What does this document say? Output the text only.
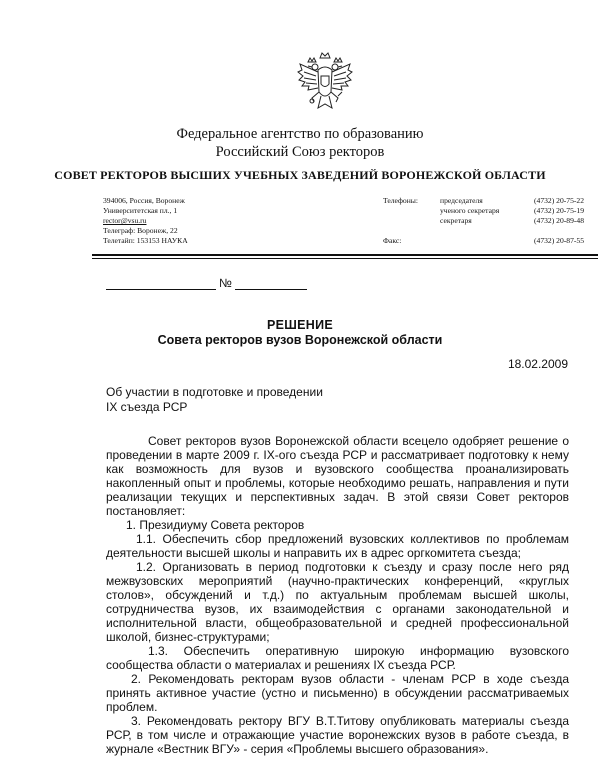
Федеральное агентство по образованию
Российский Союз ректоров
СОВЕТ РЕКТОРОВ ВЫСШИХ УЧЕБНЫХ ЗАВЕДЕНИЙ ВОРОНЕЖСКОЙ ОБЛАСТИ
394006, Россия, Воронеж
Университетская пл., 1
rector@vsu.ru
Телеграф: Воронеж, 22
Телетайп: 153153 НАУКА
Телефоны:	председателя
ученого секретаря
секретаря
(4732) 20-75-22
(4732) 20-75-19
(4732) 20-89-48
Факс:	(4732) 20-87-55
№
РЕШЕНИЕ
Совета ректоров вузов Воронежской области
18.02.2009
Об участии в подготовке и проведении
IX съезда РСР

Совет ректоров вузов Воронежской области всецело одобряет решение о проведении в марте 2009 г. IX-ого съезда РСР и рассматривает подготовку к нему как возможность для вузов и вузовского сообщества проанализировать накопленный опыт и проблемы, которые необходимо решать, направления и пути реализации текущих и перспективных задач. В этой связи Совет ректоров постановляет:

1. Президиуму Совета ректоров

1.1. Обеспечить сбор предложений вузовских коллективов по проблемам деятельности высшей школы и направить их в адрес оргкомитета съезда;

1.2. Организовать в период подготовки к съезду и сразу после него ряд межвузовских мероприятий (научно-практических конференций, «круглых столов», обсуждений и т.д.) по актуальным проблемам высшей школы, сотрудничества вузов, их взаимодействия с органами законодательной и исполнительной власти, общеобразовательной и средней профессиональной школой, бизнес-структурами;

1.3. Обеспечить оперативную широкую информацию вузовского сообщества области о материалах и решениях IX съезда РСР.

2. Рекомендовать ректорам вузов области - членам РСР в ходе съезда принять активное участие (устно и письменно) в обсуждении рассматриваемых проблем.

3. Рекомендовать ректору ВГУ В.Т.Титову опубликовать материалы съезда РСР, в том числе и отражающие участие воронежских вузов в работе съезда, в журнале «Вестник ВГУ» - серия «Проблемы высшего образования».
